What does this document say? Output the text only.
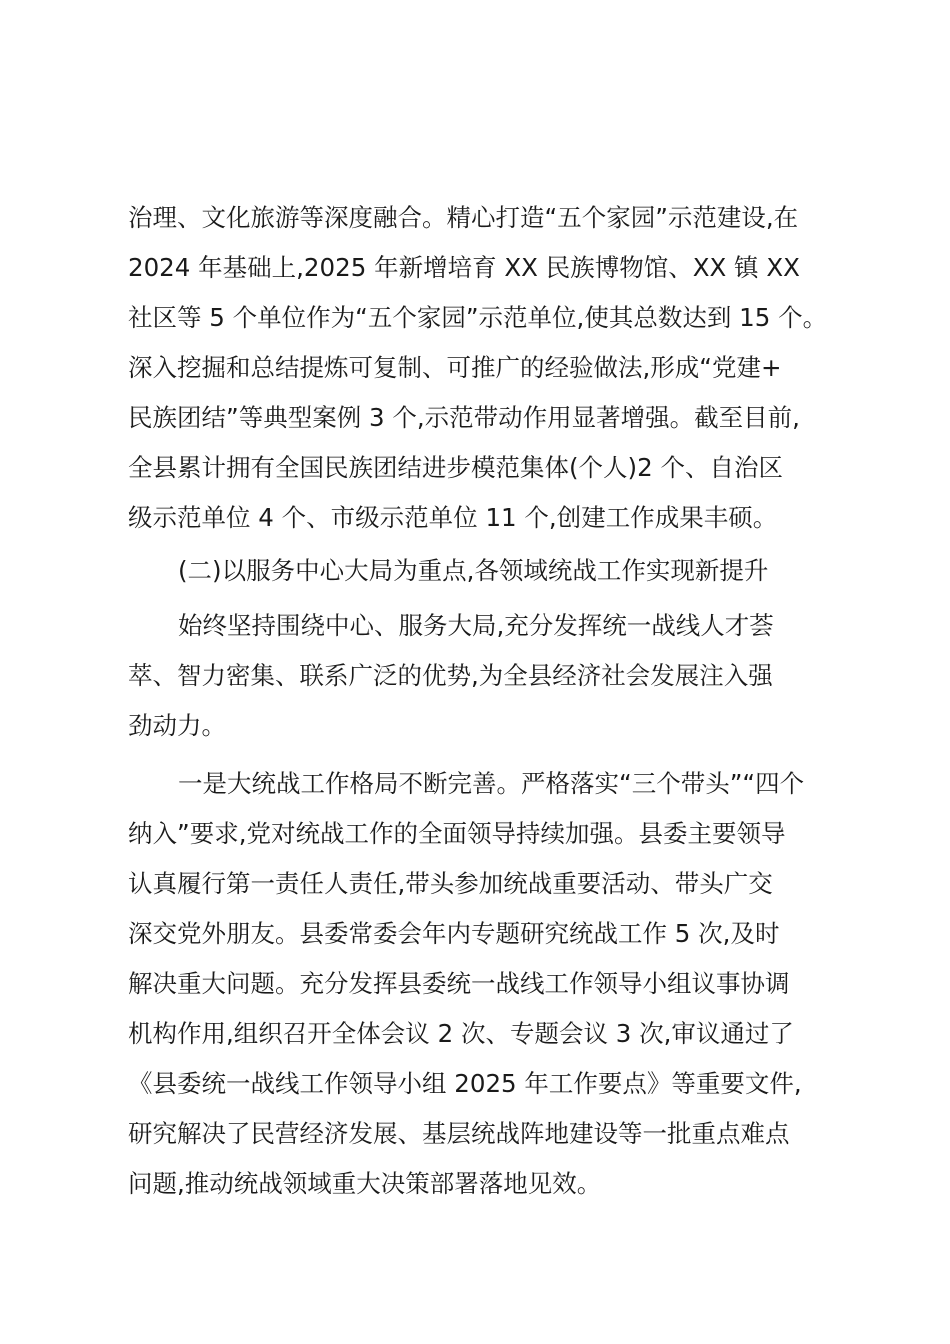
治理、文化旅游等深度融合。精心打造“五个家园”示范建设,在
2024 年基础上,2025 年新增培育 XX 民族博物馆、XX 镇 XX
社区等 5 个单位作为“五个家园”示范单位,使其总数达到 15 个。
深入挖掘和总结提炼可复制、可推广的经验做法,形成“党建+
民族团结”等典型案例 3 个,示范带动作用显著增强。截至目前,
全县累计拥有全国民族团结进步模范集体(个人)2 个、自治区
级示范单位 4 个、市级示范单位 11 个,创建工作成果丰硕。
(二)以服务中心大局为重点,各领域统战工作实现新提升
始终坚持围绕中心、服务大局,充分发挥统一战线人才荟
萃、智力密集、联系广泛的优势,为全县经济社会发展注入强
劲动力。
一是大统战工作格局不断完善。严格落实“三个带头”“四个
纳入”要求,党对统战工作的全面领导持续加强。县委主要领导
认真履行第一责任人责任,带头参加统战重要活动、带头广交
深交党外朋友。县委常委会年内专题研究统战工作 5 次,及时
解决重大问题。充分发挥县委统一战线工作领导小组议事协调
机构作用,组织召开全体会议 2 次、专题会议 3 次,审议通过了
《县委统一战线工作领导小组 2025 年工作要点》等重要文件,
研究解决了民营经济发展、基层统战阵地建设等一批重点难点
问题,推动统战领域重大决策部署落地见效。
